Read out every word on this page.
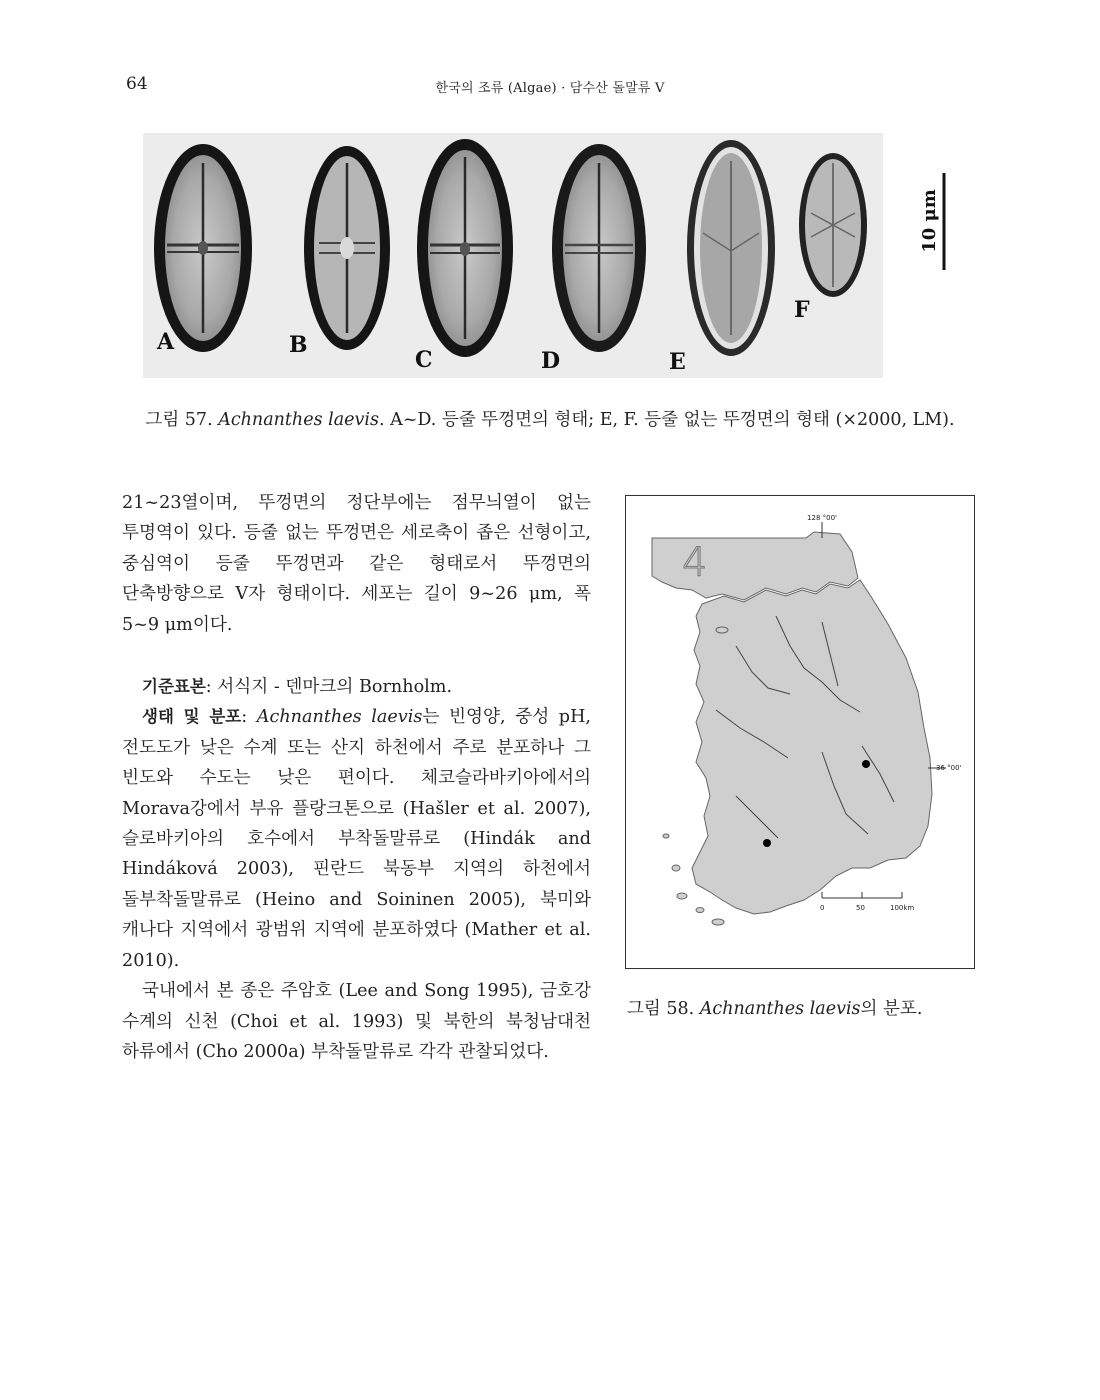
64	한국의 조류 (Algae) · 담수산 돌말류 V
10 μm
A	B
C	D	E
F
그림 57. Achnanthes laevis. A~D. 등줄 뚜껑면의 형태; E, F. 등줄 없는 뚜껑면의 형태 (×2000, LM).

21~23열이며, 뚜껑면의 정단부에는 점무늬열이 없는 투명역이 있다. 등줄 없는 뚜껑면은 세로축이 좁은 선형이고, 중심역이 등줄 뚜껑면과 같은 형태로서 뚜껑면의 단축방향으로 V자 형태이다. 세포는 길이 9~26 μm, 폭 5~9 μm이다.

기준표본: 서식지 - 덴마크의 Bornholm.

생태 및 분포: Achnanthes laevis는 빈영양, 중성 pH, 전도도가 낮은 수계 또는 산지 하천에서 주로 분포하나 그 빈도와 수도는 낮은 편이다. 체코슬라바키아에서의 Morava강에서 부유 플랑크톤으로 (Hašler et al. 2007), 슬로바키아의 호수에서 부착돌말류로 (Hindák and Hindáková 2003), 핀란드 북동부 지역의 하천에서 돌부착돌말류로 (Heino and Soininen 2005), 북미와 캐나다 지역에서 광범위 지역에 분포하였다 (Mather et al. 2010).

국내에서 본 종은 주암호 (Lee and Song 1995), 금호강 수계의 신천 (Choi et al. 1993) 및 북한의 북청남대천 하류에서 (Cho 2000a) 부착돌말류로 각각 관찰되었다.

128 °00'
36 °00'
4
0	50	100km
그림 58. Achnanthes laevis의 분포.
